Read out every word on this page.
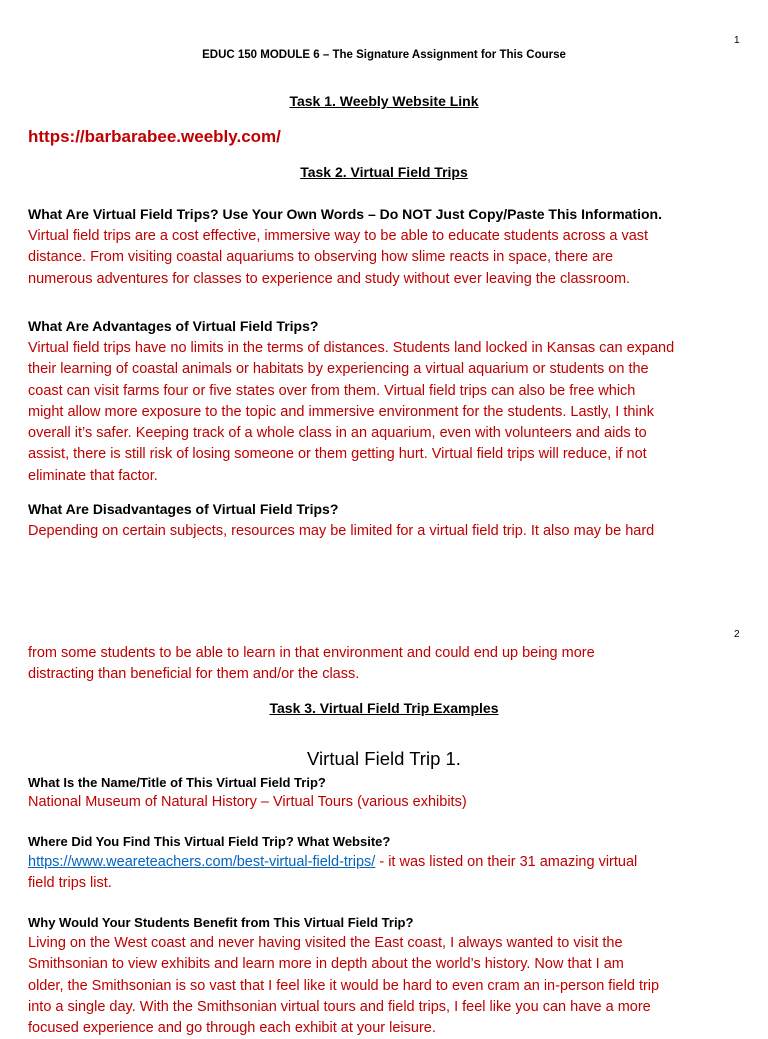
1
EDUC 150 MODULE 6 – The Signature Assignment for This Course
Task 1. Weebly Website Link
https://barbarabee.weebly.com/
Task 2. Virtual Field Trips
What Are Virtual Field Trips? Use Your Own Words – Do NOT Just Copy/Paste This Information.
Virtual field trips are a cost effective, immersive way to be able to educate students across a vast
distance. From visiting coastal aquariums to observing how slime reacts in space, there are
numerous adventures for classes to experience and study without ever leaving the classroom.
What Are Advantages of Virtual Field Trips?
Virtual field trips have no limits in the terms of distances. Students land locked in Kansas can expand
their learning of coastal animals or habitats by experiencing a virtual aquarium or students on the
coast can visit farms four or five states over from them. Virtual field trips can also be free which
might allow more exposure to the topic and immersive environment for the students. Lastly, I think
overall it’s safer. Keeping track of a whole class in an aquarium, even with volunteers and aids to
assist, there is still risk of losing someone or them getting hurt. Virtual field trips will reduce, if not
eliminate that factor.
What Are Disadvantages of Virtual Field Trips?
Depending on certain subjects, resources may be limited for a virtual field trip. It also may be hard
2
from some students to be able to learn in that environment and could end up being more
distracting than beneficial for them and/or the class.
Task 3. Virtual Field Trip Examples
Virtual Field Trip 1.
What Is the Name/Title of This Virtual Field Trip?
National Museum of Natural History – Virtual Tours (various exhibits)
Where Did You Find This Virtual Field Trip? What Website?
https://www.weareteachers.com/best-virtual-field-trips/ - it was listed on their 31 amazing virtual
field trips list.
Why Would Your Students Benefit from This Virtual Field Trip?
Living on the West coast and never having visited the East coast, I always wanted to visit the
Smithsonian to view exhibits and learn more in depth about the world’s history. Now that I am
older, the Smithsonian is so vast that I feel like it would be hard to even cram an in-person field trip
into a single day. With the Smithsonian virtual tours and field trips, I feel like you can have a more
focused experience and go through each exhibit at your leisure.
